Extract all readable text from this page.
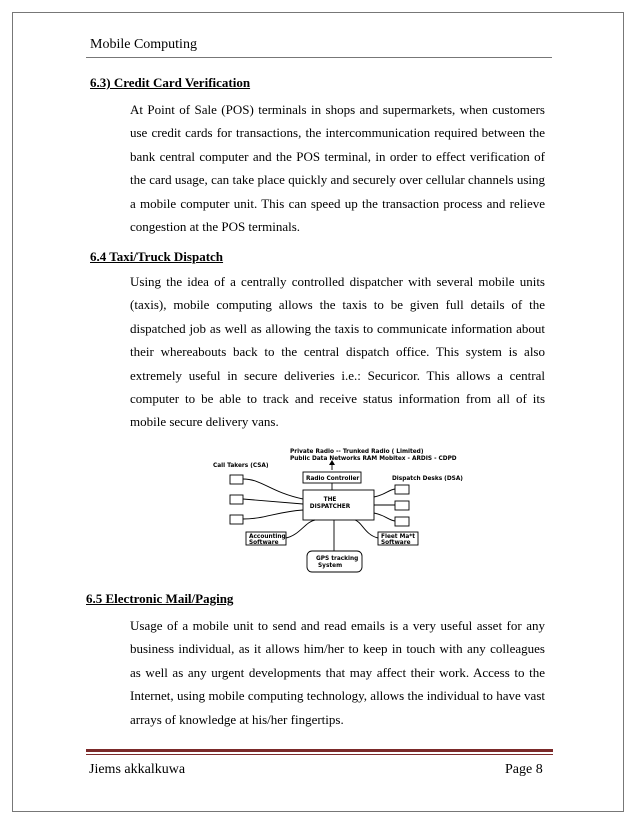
Mobile Computing
6.3) Credit Card Verification
At Point of Sale (POS) terminals in shops and supermarkets, when customers use credit cards for transactions, the intercommunication required between the bank central computer and the POS terminal, in order to effect verification of the card usage, can take place quickly and securely over cellular channels using a mobile computer unit. This can speed up the transaction process and relieve congestion at the POS terminals.
6.4 Taxi/Truck Dispatch
Using the idea of a centrally controlled dispatcher with several mobile units (taxis), mobile computing allows the taxis to be given full details of the dispatched job as well as allowing the taxis to communicate information about their whereabouts back to the central dispatch office. This system is also extremely useful in secure deliveries i.e.: Securicor. This allows a central computer to be able to track and receive status information from all of its mobile secure delivery vans.
Private Radio -- Trunked Radio ( Limited)
Public Data Networks RAM Mobitex - ARDIS - CDPD
Call Takers (CSA)
Radio Controller	Dispatch Desks (DSA)
THE
DISPATCHER
Accounting
Software
Fleet Ma*t
Software
GPS tracking
System
6.5 Electronic Mail/Paging
Usage of a mobile unit to send and read emails is a very useful asset for any business individual, as it allows him/her to keep in touch with any colleagues as well as any urgent developments that may affect their work. Access to the Internet, using mobile computing technology, allows the individual to have vast arrays of knowledge at his/her fingertips.
Jiems akkalkuwa	Page 8
